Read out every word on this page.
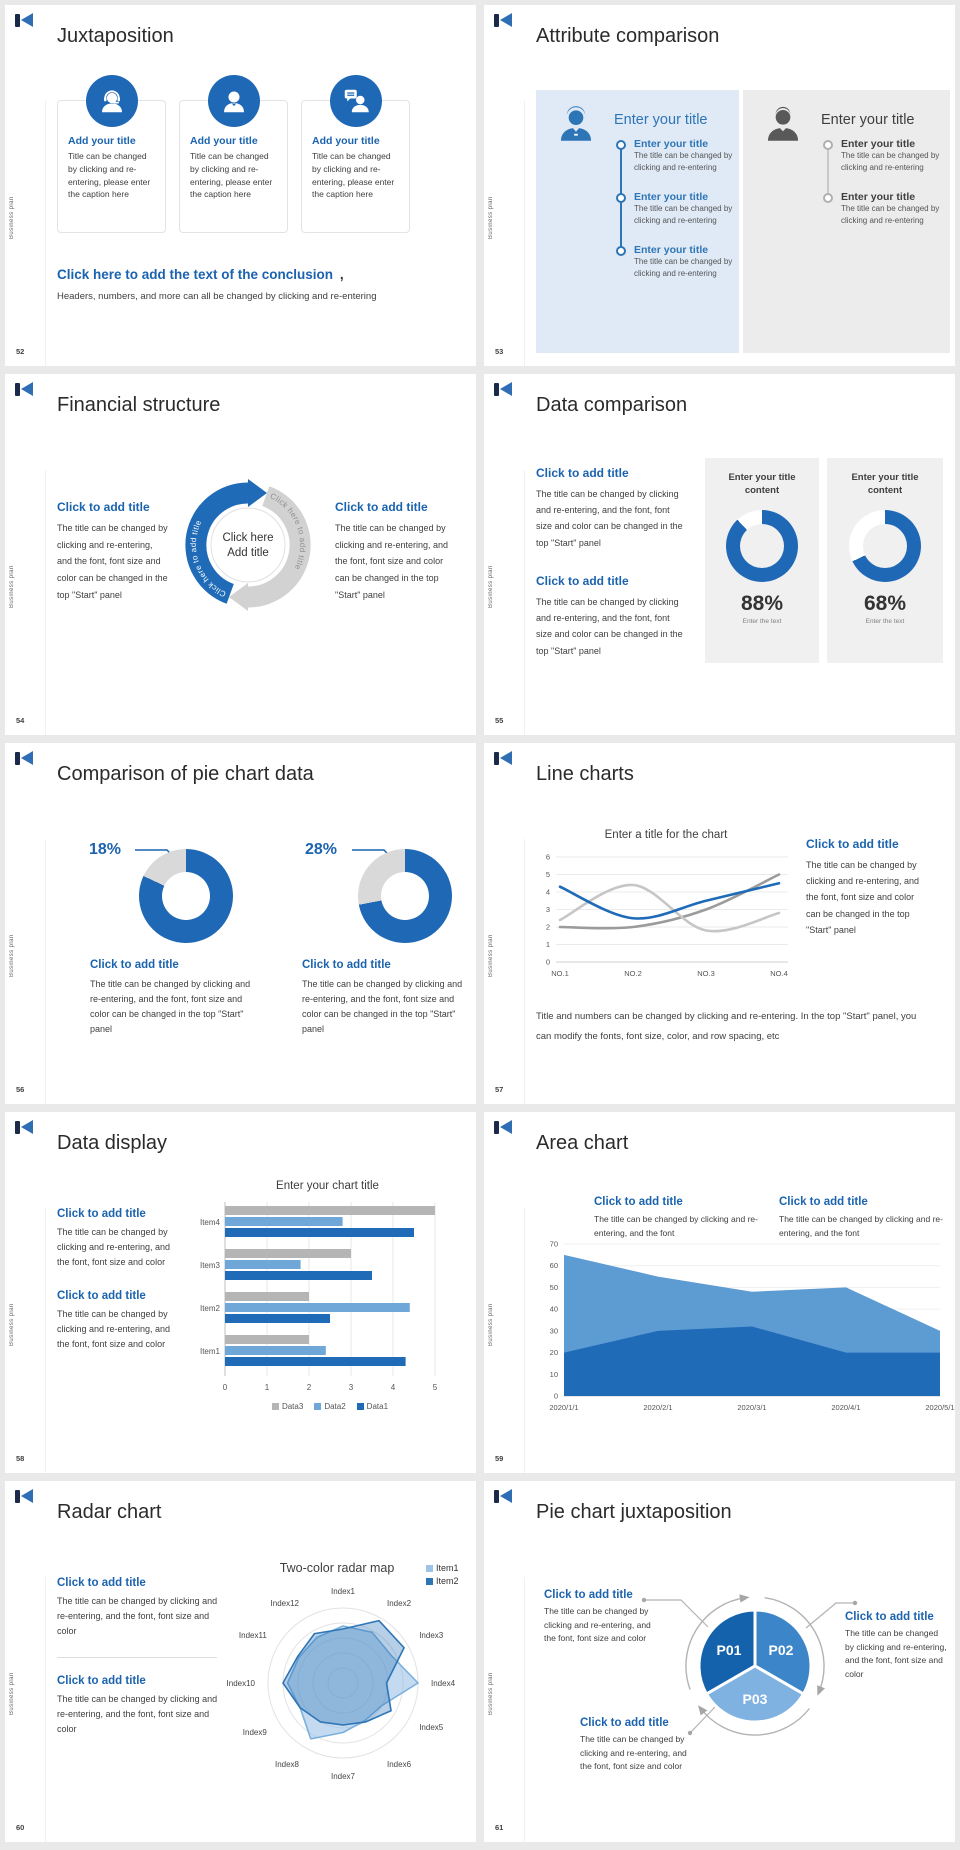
Business plan
Juxtaposition
Add your title

Title can be changed by clicking and re-entering, please enter the caption here

Add your title

Title can be changed by clicking and re-entering, please enter the caption here

Add your title

Title can be changed by clicking and re-entering, please enter the caption here

Click here to add the text of the conclusion ,
Headers, numbers, and more can all be changed by clicking and re-entering
52
Business plan
Attribute comparison
Enter your title
Enter your title
The title can be changed by clicking and re-entering
Enter your title
The title can be changed by clicking and re-entering
Enter your title
The title can be changed by clicking and re-entering
Enter your title
Enter your title
The title can be changed by clicking and re-entering
Enter your title
The title can be changed by clicking and re-entering
53
Business plan
Financial structure
Click to add title
The title can be changed by clicking and re-entering, and the font, font size and color can be changed in the top "Start" panel	Click here to add title
Click here to add title
Click here
Add title
Click to add title
The title can be changed by clicking and re-entering, and the font, font size and color can be changed in the top "Start" panel
54
Business plan
Data comparison
Click to add title
The title can be changed by clicking and re-entering, and the font, font size and color can be changed in the top "Start" panel
Click to add title
The title can be changed by clicking and re-entering, and the font, font size and color can be changed in the top "Start" panel
Enter your title content
88%
Enter the text
Enter your title content
68%
Enter the text
55
Business plan
Comparison of pie chart data
18%
Click to add title
The title can be changed by clicking and re-entering, and the font, font size and color can be changed in the top "Start" panel
28%
Click to add title
The title can be changed by clicking and re-entering, and the font, font size and color can be changed in the top "Start" panel
56
Business plan
Line charts
Enter a title for the chart
0
1
2
3
4
5
6
NO.1	NO.2	NO.3	NO.4
Click to add title
The title can be changed by clicking and re-entering, and the font, font size and color can be changed in the top "Start" panel
Title and numbers can be changed by clicking and re-entering. In the top "Start" panel, you can modify the fonts, font size, color, and row spacing, etc
57
Business plan
Data display
Click to add title
The title can be changed by clicking and re-entering, and the font, font size and color
Click to add title
The title can be changed by clicking and re-entering, and the font, font size and color
Enter your chart title
0	1	2	3	4	5
Item4
Item3
Item2
Item1
Data3	Data2	Data1
58
Business plan
Area chart
Click to add title
The title can be changed by clicking and re-entering, and the font
Click to add title
The title can be changed by clicking and re-entering, and the font
0
10
20
30
40
50
60
70
2020/1/1	2020/2/1	2020/3/1	2020/4/1	2020/5/1
59
Business plan
Radar chart
Click to add title
The title can be changed by clicking and re-entering, and the font, font size and color
Click to add title
The title can be changed by clicking and re-entering, and the font, font size and color
Two-color radar map	Item1
Item2
Index1
Index2
Index3
Index4
Index5
Index6
Index7
Index8
Index9
Index10
Index11
Index12
60
Business plan
Pie chart juxtaposition
Click to add title
The title can be changed by clicking and re-entering, and the font, font size and color
Click to add title
The title can be changed by clicking and re-entering, and the font, font size and color
Click to add title
The title can be changed by clicking and re-entering, and the font, font size and color
P01 P02
P03
61
